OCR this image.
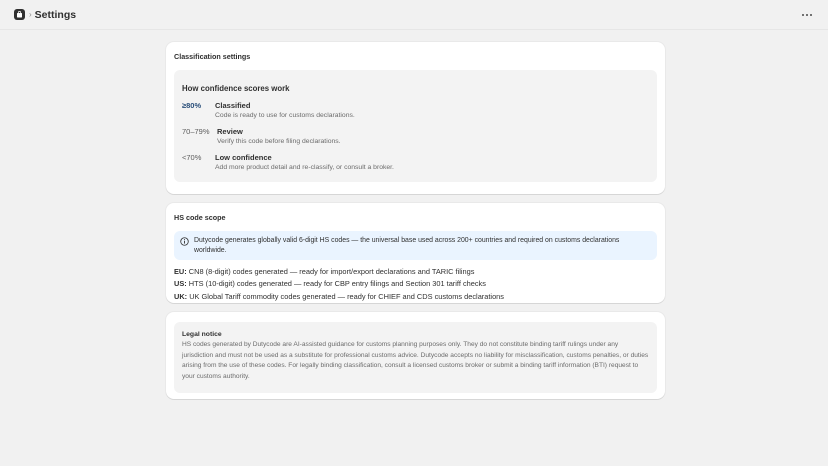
› Settings
Classification settings
How confidence scores work
≥80%	Classified
Code is ready to use for customs declarations.
70–79% Review
Verify this code before filing declarations.
<70%	Low confidence
Add more product detail and re-classify, or consult a broker.
HS code scope
Dutycode generates globally valid 6-digit HS codes — the universal base used across 200+ countries and required on customs declarations worldwide.
EU: CN8 (8-digit) codes generated — ready for import/export declarations and TARIC filings
US: HTS (10-digit) codes generated — ready for CBP entry filings and Section 301 tariff checks
UK: UK Global Tariff commodity codes generated — ready for CHIEF and CDS customs declarations
Legal notice
HS codes generated by Dutycode are AI-assisted guidance for customs planning purposes only. They do not constitute binding tariff rulings under any jurisdiction and must not be used as a substitute for professional customs advice. Dutycode accepts no liability for misclassification, customs penalties, or duties arising from the use of these codes. For legally binding classification, consult a licensed customs broker or submit a binding tariff information (BTI) request to your customs authority.
